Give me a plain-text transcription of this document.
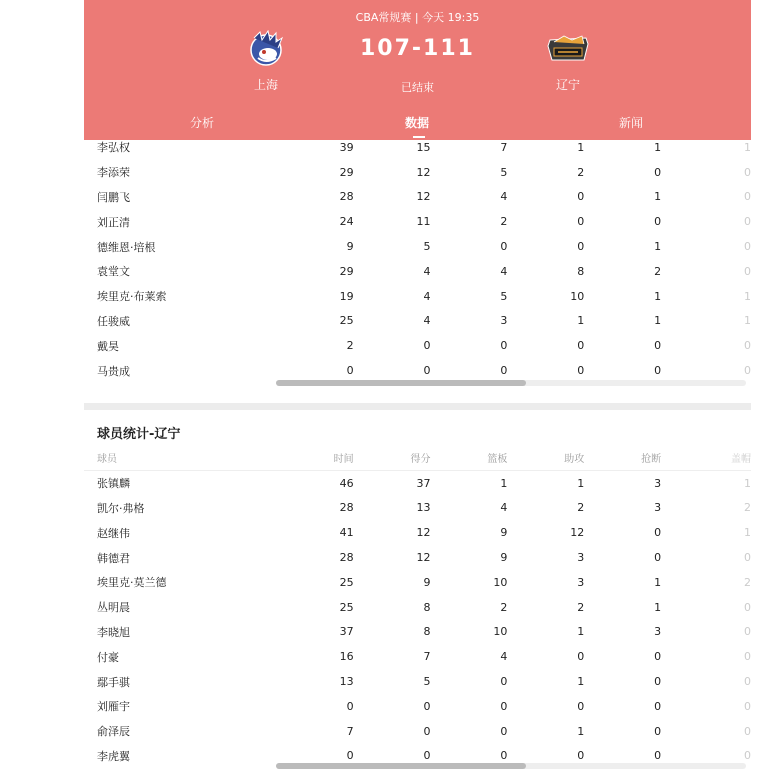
CBA常规赛 | 今天 19:35
上海
107-111
已结束	辽宁
分析	数据	新闻
李弘权	39	15	7	1	1	1
李添荣	29	12	5	2	0	0
闫鹏飞	28	12	4	0	1	0
刘正清	24	11	2	0	0	0
德维恩·培根	9	5	0	0	1	0
袁堂文	29	4	4	8	2	0
埃里克·布莱索	19	4	5	10	1	1
任骏威	25	4	3	1	1	1
戴昊	2	0	0	0	0	0
马贵成	0	0	0	0	0	0
球员统计-辽宁
球员	时间	得分	篮板	助攻	抢断	盖帽
张镇麟	46	37	1	1	3	1
凯尔·弗格	28	13	4	2	3	2
赵继伟	41	12	9	12	0	1
韩德君	28	12	9	3	0	0
埃里克·莫兰德	25	9	10	3	1	2
丛明晨	25	8	2	2	1	0
李晓旭	37	8	10	1	3	0
付豪	16	7	4	0	0	0
鄢手骐	13	5	0	1	0	0
刘雁宇	0	0	0	0	0	0
俞泽辰	7	0	0	1	0	0
李虎翼	0	0	0	0	0	0
